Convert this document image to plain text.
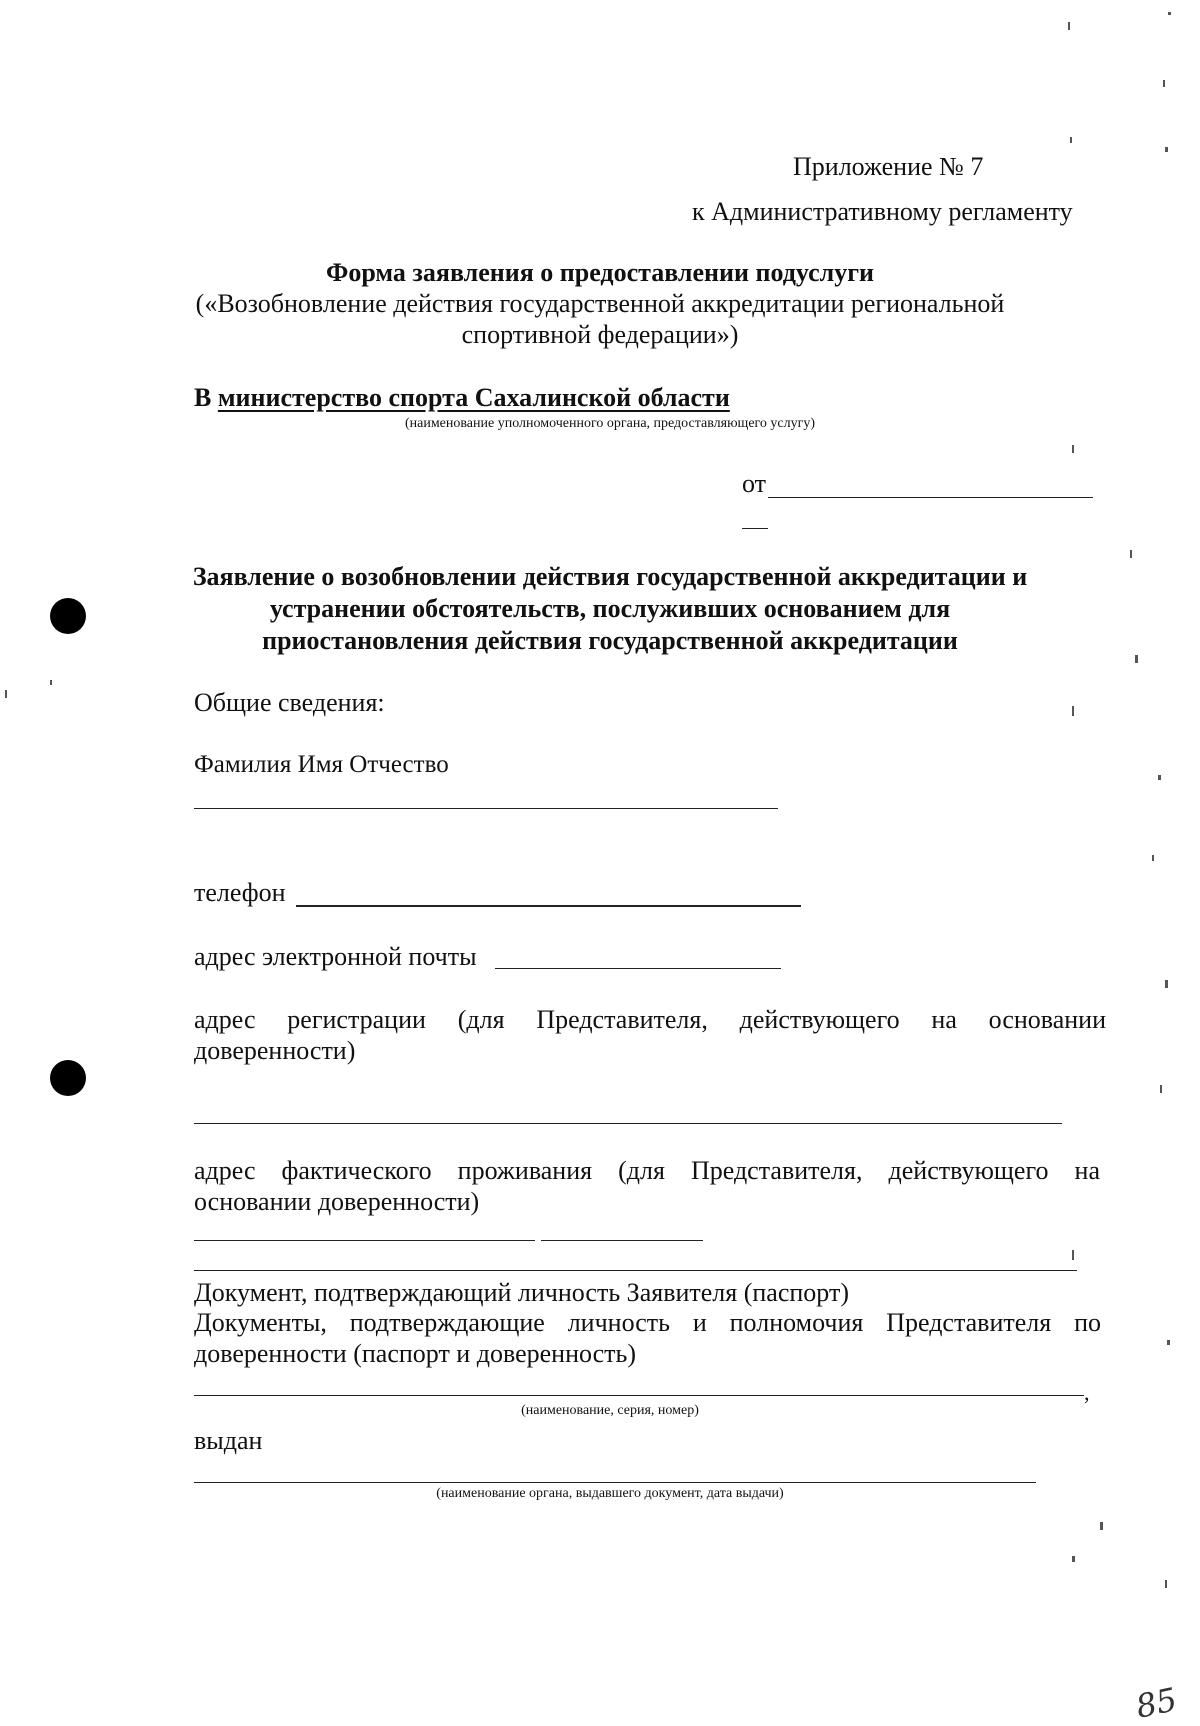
Приложение № 7
к Административному регламенту
Форма заявления о предоставлении подуслуги
(«Возобновление действия государственной аккредитации региональной
спортивной федерации»)
В министерство спорта Сахалинской области
(наименование уполномоченного органа, предоставляющего услугу)
от
Заявление о возобновлении действия государственной аккредитации и
устранении обстоятельств, послуживших основанием для
приостановления действия государственной аккредитации
Общие сведения:
Фамилия Имя Отчество
телефон
адрес электронной почты
адрес регистрации (для Представителя, действующего на основании
доверенности)
адрес фактического проживания (для Представителя, действующего на
основании доверенности)
Документ, подтверждающий личность Заявителя (паспорт)
Документы, подтверждающие личность и полномочия Представителя по
доверенности (паспорт и доверенность)
,
(наименование, серия, номер)
выдан
(наименование органа, выдавшего документ, дата выдачи)
85
